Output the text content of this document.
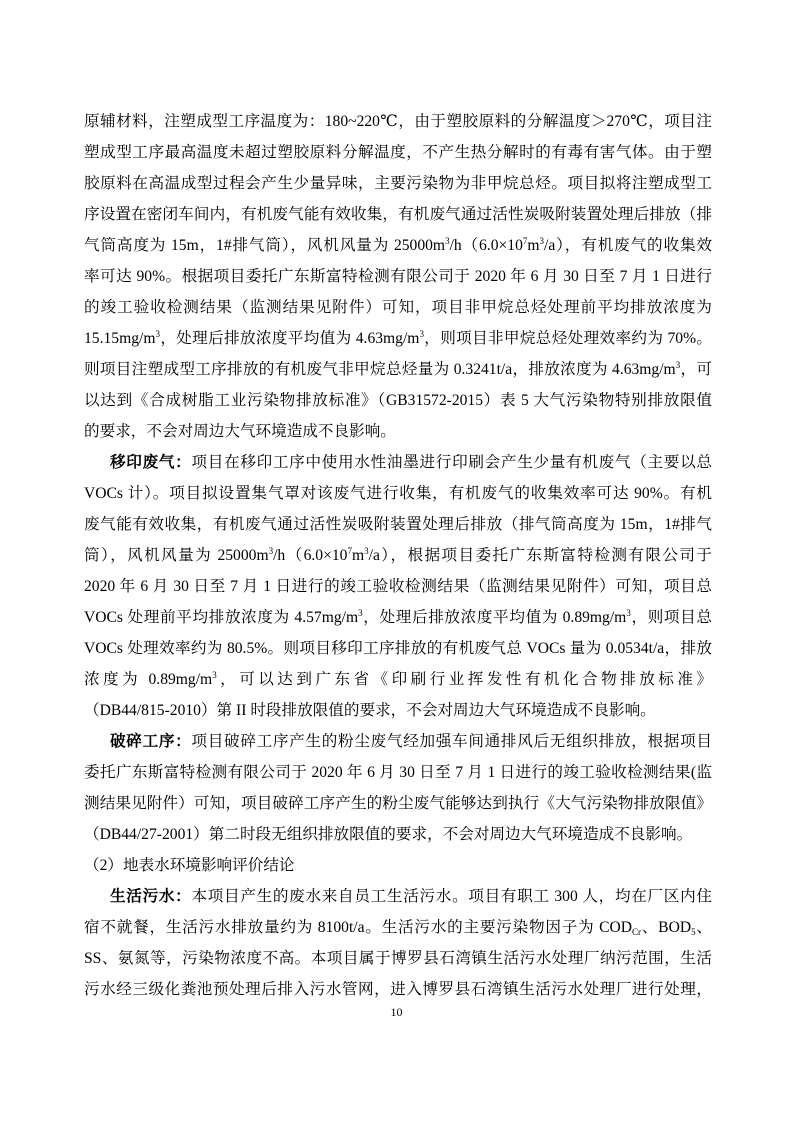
原辅材料，注塑成型工序温度为：180~220℃，由于塑胶原料的分解温度＞270℃，项目注
塑成型工序最高温度未超过塑胶原料分解温度，不产生热分解时的有毒有害气体。由于塑
胶原料在高温成型过程会产生少量异味，主要污染物为非甲烷总烃。项目拟将注塑成型工
序设置在密闭车间内，有机废气能有效收集，有机废气通过活性炭吸附装置处理后排放（排
气筒高度为 15m，1#排气筒），风机风量为 $25000m^3/h(6.0\times 10^7m^3/a)$，有机废气的收集效
率可达 90%。根据项目委托广东斯富特检测有限公司于 2020 年 6 月 30 日至 7 月 1 日进行
的竣工验收检测结果（监测结果见附件）可知，项目非甲烷总烃处理前平均排放浓度为
$15.15mg/m^3$，处理后排放浓度平均值为 $4.63mg/m^3$，则项目非甲烷总烃处理效率约为 70%。
则项目注塑成型工序排放的有机废气非甲烷总烃量为 0.3241t/a，排放浓度为 $4.63mg/m^3$，可
以达到《合成树脂工业污染物排放标准》（GB31572-2015）表 5 大气污染物特别排放限值
的要求，不会对周边大气环境造成不良影响。
移印废气：项目在移印工序中使用水性油墨进行印刷会产生少量有机废气（主要以总
VOCs 计）。项目拟设置集气罩对该废气进行收集，有机废气的收集效率可达 90%。有机
废气能有效收集，有机废气通过活性炭吸附装置处理后排放（排气筒高度为 15m，1#排气
筒），风机风量为 $25000m^3/h(6.0\times 10^7m^3/a)$，根据项目委托广东斯富特检测有限公司于
2020 年 6 月 30 日至 7 月 1 日进行的竣工验收检测结果（监测结果见附件）可知，项目总
VOCs 处理前平均排放浓度为 $4.57mg/m^3$，处理后排放浓度平均值为 $0.89mg/m^3$，则项目总
VOCs 处理效率约为 80.5%。则项目移印工序排放的有机废气总 VOCs 量为 0.0534t/a，排放
浓度为 $0.89mg/m^3$，可以达到广东省《印刷行业挥发性有机化合物排放标准》
（DB44/815-2010）第 II 时段排放限值的要求，不会对周边大气环境造成不良影响。
破碎工序：项目破碎工序产生的粉尘废气经加强车间通排风后无组织排放，根据项目
委托广东斯富特检测有限公司于 2020 年 6 月 30 日至 7 月 1 日进行的竣工验收检测结果(监
测结果见附件）可知，项目破碎工序产生的粉尘废气能够达到执行《大气污染物排放限值》
（DB44/27-2001）第二时段无组织排放限值的要求，不会对周边大气环境造成不良影响。
（2）地表水环境影响评价结论
生活污水：本项目产生的废水来自员工生活污水。项目有职工 300 人，均在厂区内住
宿不就餐，生活污水排放量约为 8100t/a。生活污水的主要污染物因子为 $COD_{Cr}$、$BOD_5$、
SS、氨氮等，污染物浓度不高。本项目属于博罗县石湾镇生活污水处理厂纳污范围，生活
污水经三级化粪池预处理后排入污水管网，进入博罗县石湾镇生活污水处理厂进行处理，
10
